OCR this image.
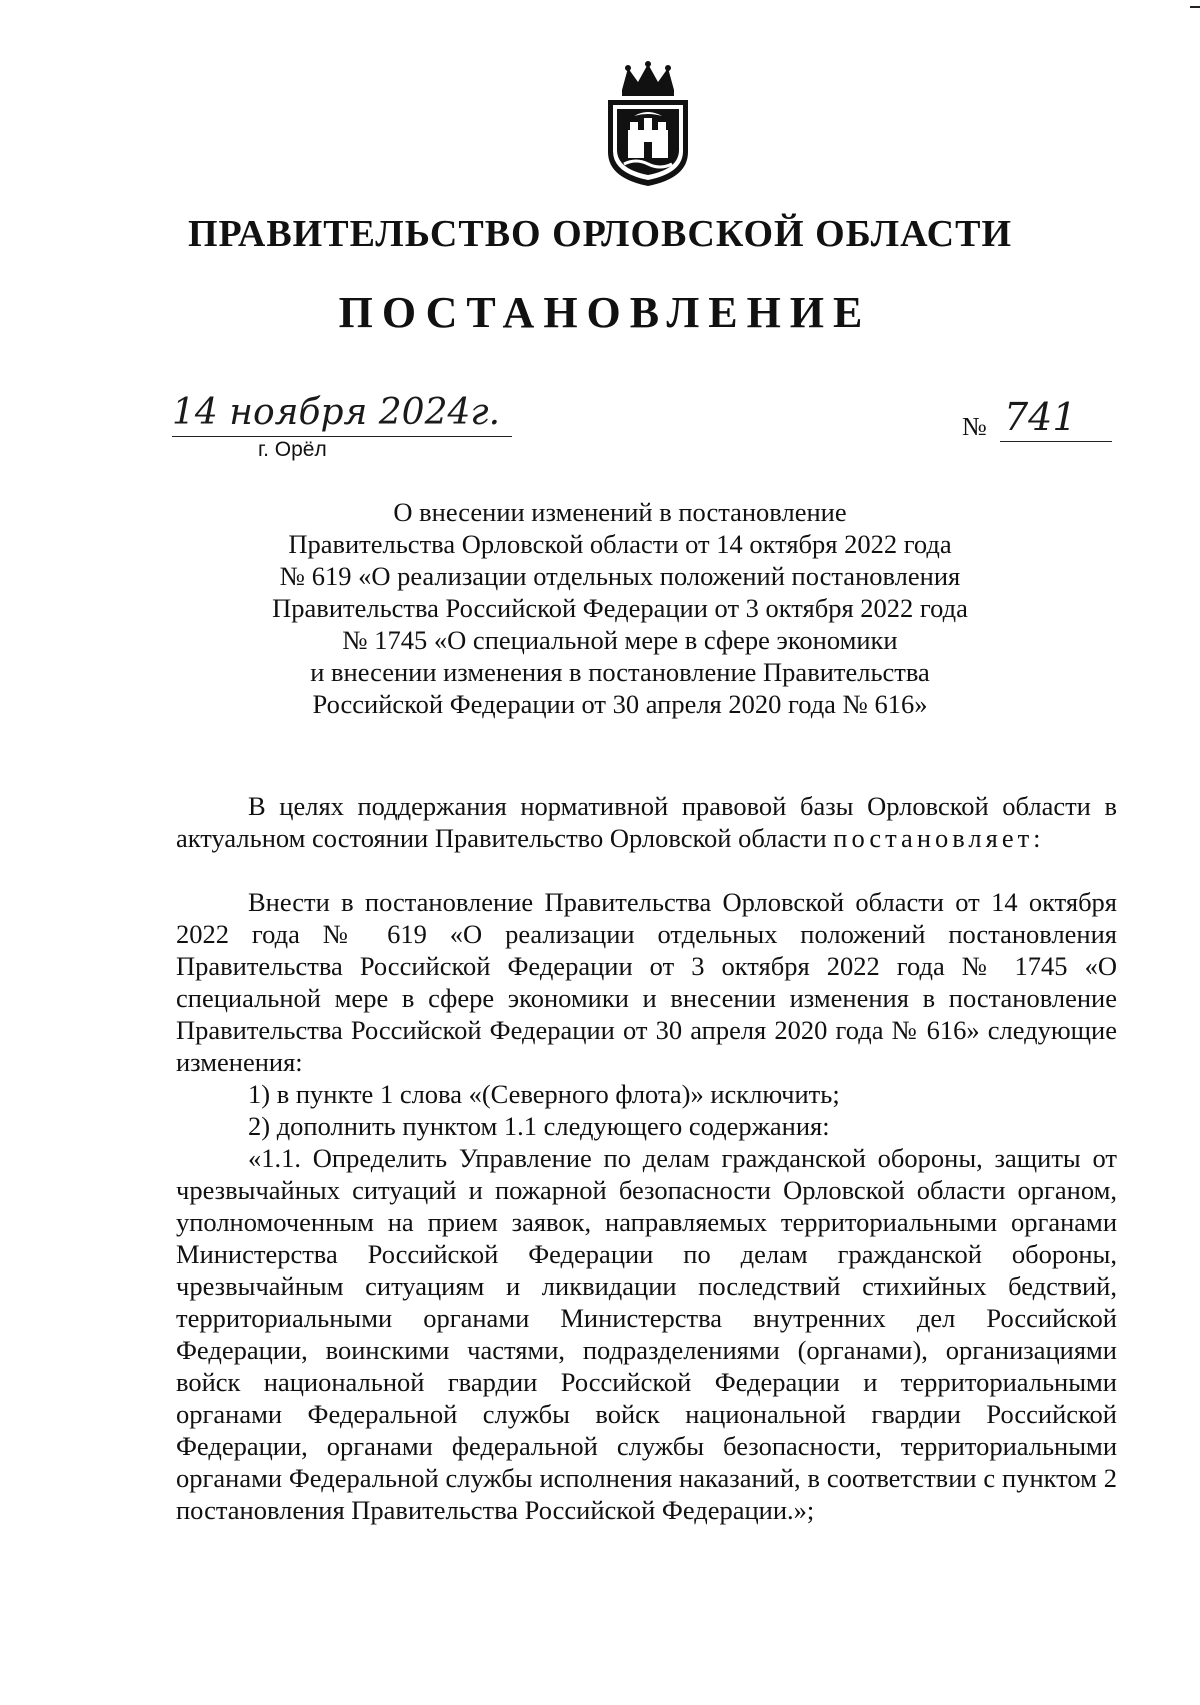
ПРАВИТЕЛЬСТВО ОРЛОВСКОЙ ОБЛАСТИ
ПОСТАНОВЛЕНИЕ
14 ноября 2024г.
г. Орёл
№ 741
О внесении изменений в постановление
Правительства Орловской области от 14 октября 2022 года
№ 619 «О реализации отдельных положений постановления
Правительства Российской Федерации от 3 октября 2022 года
№ 1745 «О специальной мере в сфере экономики
и внесении изменения в постановление Правительства
Российской Федерации от 30 апреля 2020 года № 616»

В целях поддержания нормативной правовой базы Орловской области в актуальном состоянии Правительство Орловской области постановляет:

Внести в постановление Правительства Орловской области от 14 октября 2022 года № 619 «О реализации отдельных положений постановления Правительства Российской Федерации от 3 октября 2022 года № 1745 «О специальной мере в сфере экономики и внесении изменения в постановление Правительства Российской Федерации от 30 апреля 2020 года № 616» следующие изменения:

1) в пункте 1 слова «(Северного флота)» исключить;

2) дополнить пунктом 1.1 следующего содержания:

«1.1. Определить Управление по делам гражданской обороны, защиты от чрезвычайных ситуаций и пожарной безопасности Орловской области органом, уполномоченным на прием заявок, направляемых территориальными органами Министерства Российской Федерации по делам гражданской обороны, чрезвычайным ситуациям и ликвидации последствий стихийных бедствий, территориальными органами Министерства внутренних дел Российской Федерации, воинскими частями, подразделениями (органами), организациями войск национальной гвардии Российской Федерации и территориальными органами Федеральной службы войск национальной гвардии Российской Федерации, органами федеральной службы безопасности, территориальными органами Федеральной службы исполнения наказаний, в соответствии с пунктом 2 постановления Правительства Российской Федерации.»;
